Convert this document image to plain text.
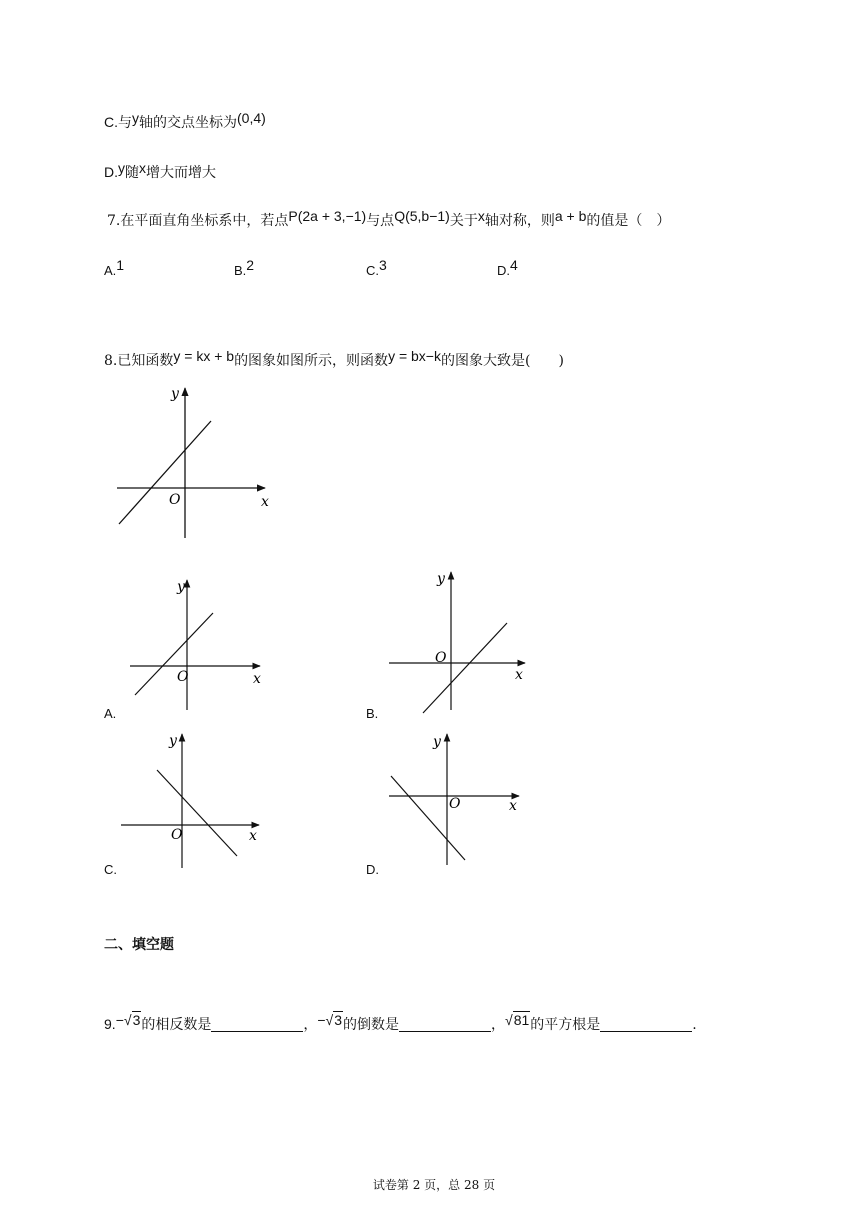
C.与y轴的交点坐标为(0,4)
D.y随x增大而增大
7.在平面直角坐标系中，若点P(2a + 3,−1)与点Q(5,b−1)关于x轴对称，则a + b的值是（　）
A.1	B.2	C.3	D.4
8.已知函数y = kx + b的图象如图所示，则函数y = bx−k的图象大致是(　　)
x
y
O
x
y
O
A.
x
y
O
B.
x
y
O
C.
x
y
O
D.
二、填空题
9.−√3的相反数是	，−√3的倒数是	，√81的平方根是	.
试卷第 2 页，总 28 页
